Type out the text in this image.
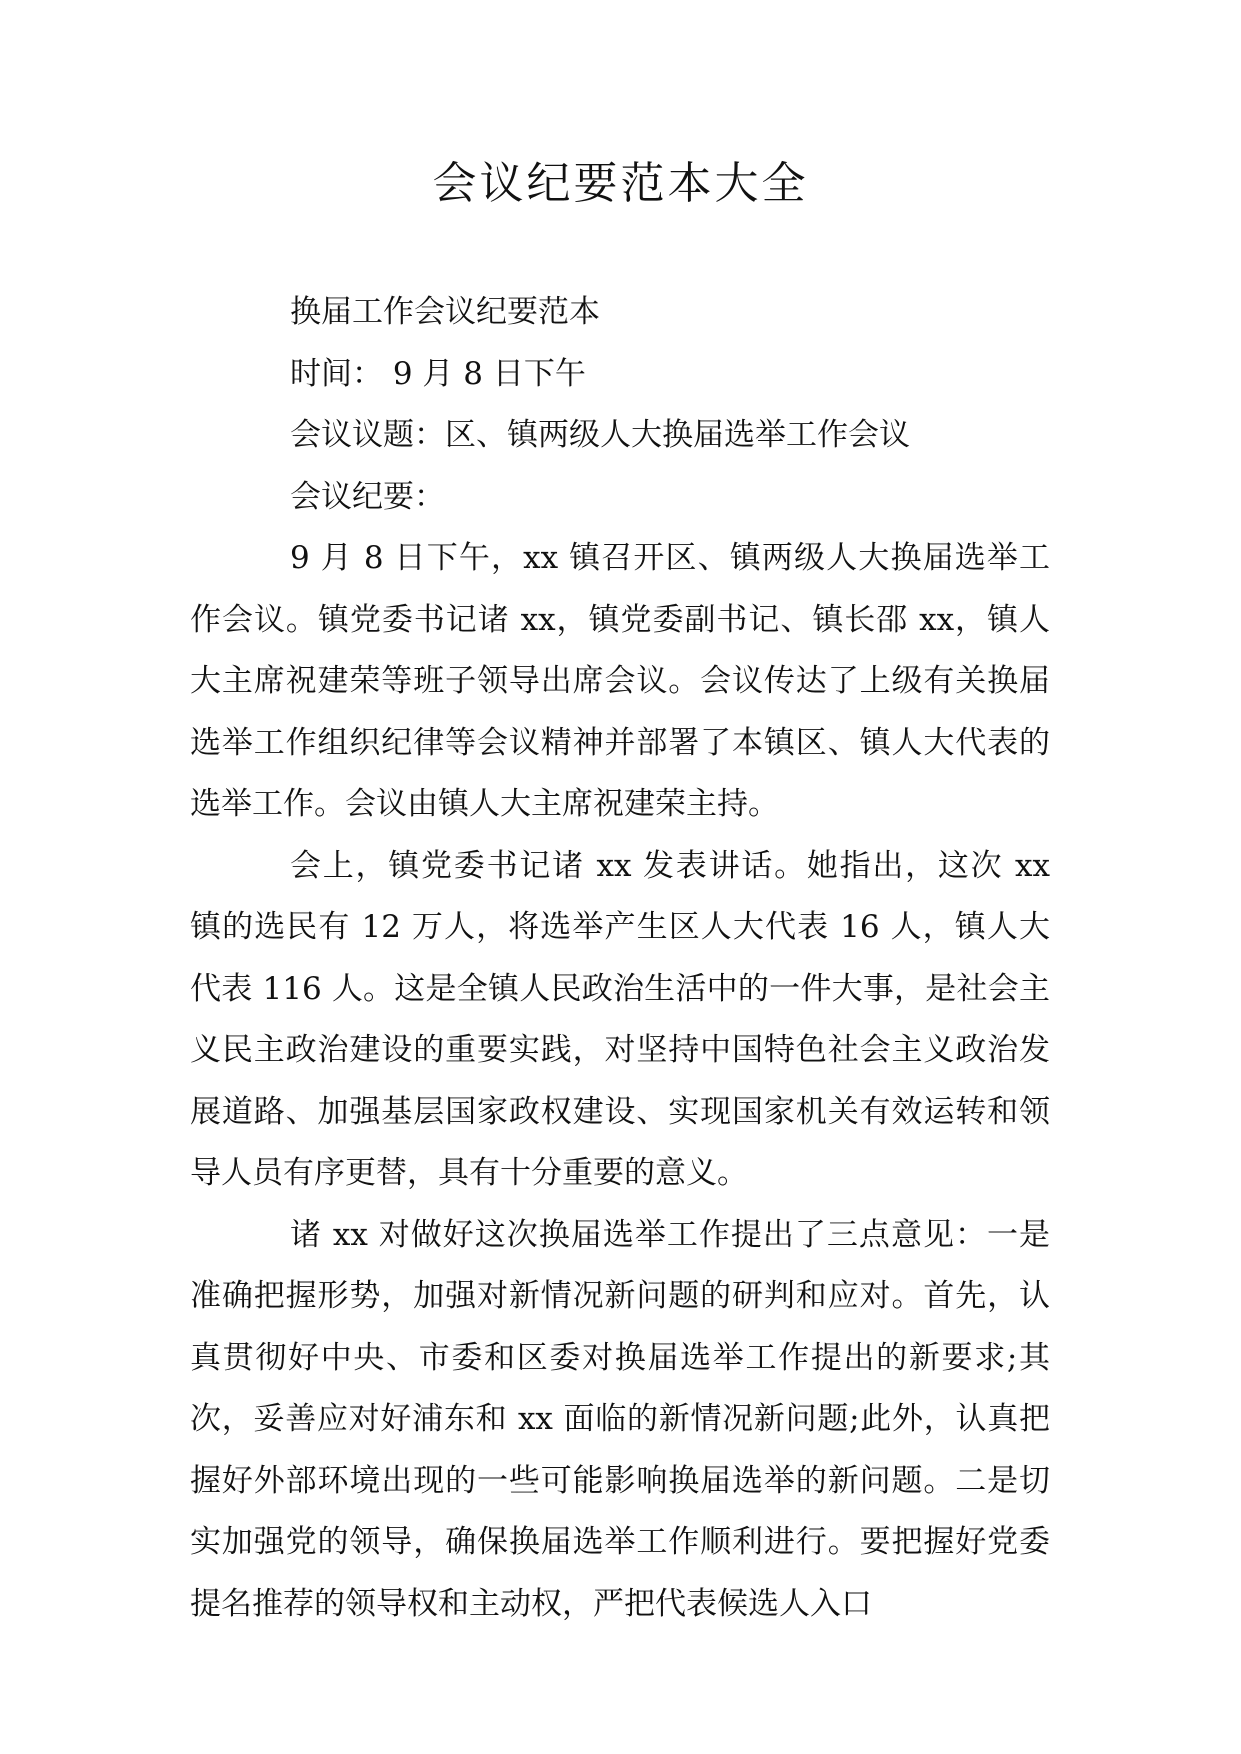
会议纪要范本大全

换届工作会议纪要范本

时间： 9 月 8 日下午

会议议题：区、镇两级人大换届选举工作会议

会议纪要：

9 月 8 日下午，xx 镇召开区、镇两级人大换届选举工作会议。镇党委书记诸 xx，镇党委副书记、镇长邵 xx，镇人大主席祝建荣等班子领导出席会议。会议传达了上级有关换届选举工作组织纪律等会议精神并部署了本镇区、镇人大代表的选举工作。会议由镇人大主席祝建荣主持。

会上，镇党委书记诸 xx 发表讲话。她指出，这次 xx 镇的选民有 12 万人，将选举产生区人大代表 16 人，镇人大代表 116 人。这是全镇人民政治生活中的一件大事，是社会主义民主政治建设的重要实践，对坚持中国特色社会主义政治发展道路、加强基层国家政权建设、实现国家机关有效运转和领导人员有序更替，具有十分重要的意义。

诸 xx 对做好这次换届选举工作提出了三点意见：一是准确把握形势，加强对新情况新问题的研判和应对。首先，认真贯彻好中央、市委和区委对换届选举工作提出的新要求;其次，妥善应对好浦东和 xx 面临的新情况新问题;此外，认真把握好外部环境出现的一些可能影响换届选举的新问题。二是切实加强党的领导，确保换届选举工作顺利进行。要把握好党委提名推荐的领导权和主动权，严把代表候选人入口
